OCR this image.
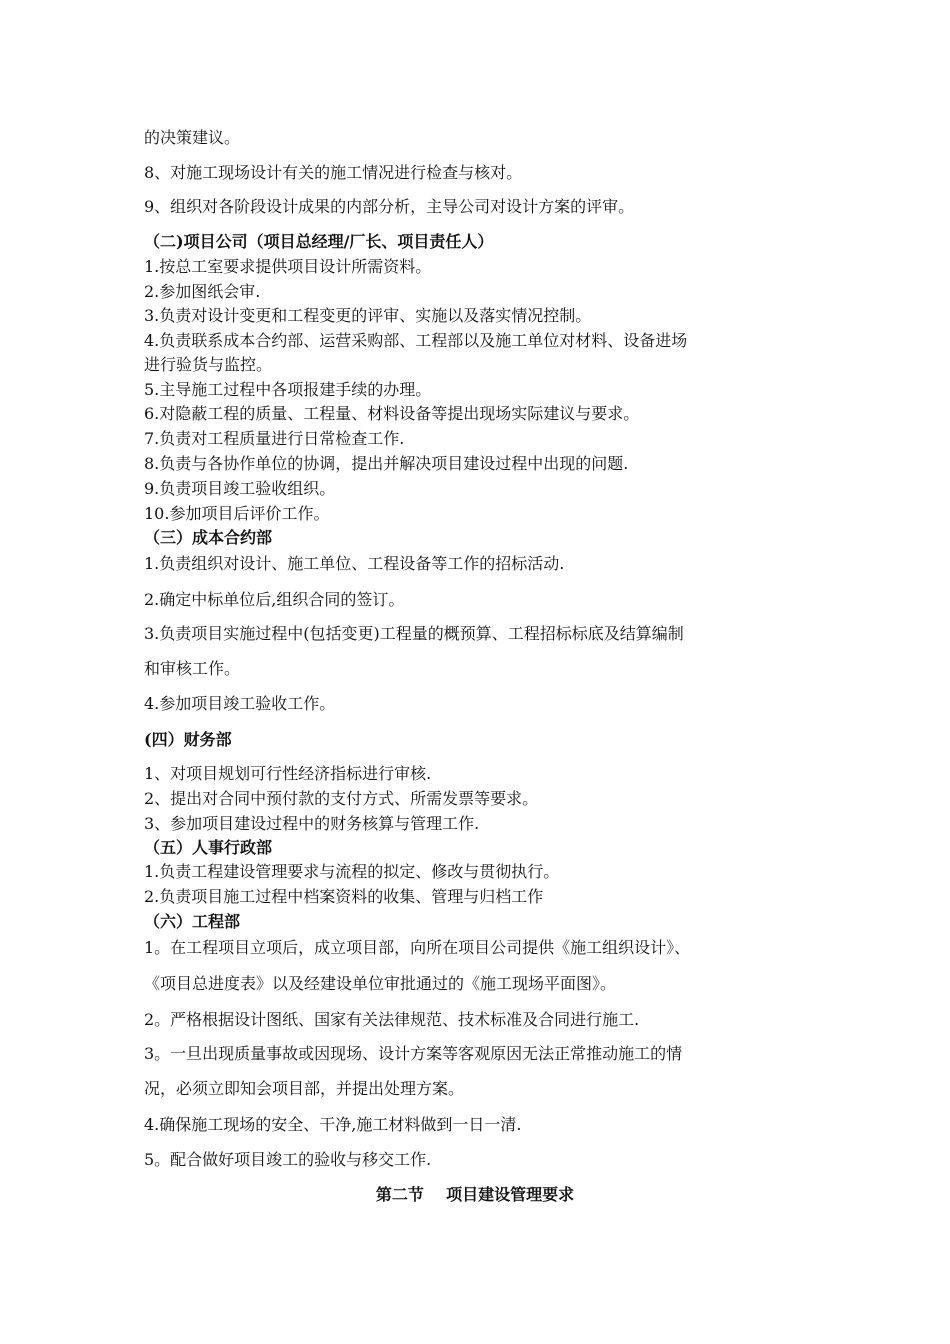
的决策建议。
8、对施工现场设计有关的施工情况进行检查与核对。
9、组织对各阶段设计成果的内部分析，主导公司对设计方案的评审。
（二)项目公司（项目总经理/厂长、项目责任人）
1.按总工室要求提供项目设计所需资料。
2.参加图纸会审.
3.负责对设计变更和工程变更的评审、实施以及落实情况控制。
4.负责联系成本合约部、运营采购部、工程部以及施工单位对材料、设备进场
进行验货与监控。
5.主导施工过程中各项报建手续的办理。
6.对隐蔽工程的质量、工程量、材料设备等提出现场实际建议与要求。
7.负责对工程质量进行日常检查工作.
8.负责与各协作单位的协调，提出并解决项目建设过程中出现的问题.
9.负责项目竣工验收组织。
10.参加项目后评价工作。
（三）成本合约部
1.负责组织对设计、施工单位、工程设备等工作的招标活动.
2.确定中标单位后,组织合同的签订。
3.负责项目实施过程中(包括变更)工程量的概预算、工程招标标底及结算编制
和审核工作。
4.参加项目竣工验收工作。
(四）财务部
1、对项目规划可行性经济指标进行审核.
2、提出对合同中预付款的支付方式、所需发票等要求。
3、参加项目建设过程中的财务核算与管理工作.
（五）人事行政部
1.负责工程建设管理要求与流程的拟定、修改与贯彻执行。
2.负责项目施工过程中档案资料的收集、管理与归档工作
（六）工程部
1。在工程项目立项后，成立项目部，向所在项目公司提供《施工组织设计》、
《项目总进度表》以及经建设单位审批通过的《施工现场平面图》。
2。严格根据设计图纸、国家有关法律规范、技术标准及合同进行施工.
3。一旦出现质量事故或因现场、设计方案等客观原因无法正常推动施工的情
况，必须立即知会项目部，并提出处理方案。
4.确保施工现场的安全、干净,施工材料做到一日一清.
5。配合做好项目竣工的验收与移交工作.
第二节    项目建设管理要求
